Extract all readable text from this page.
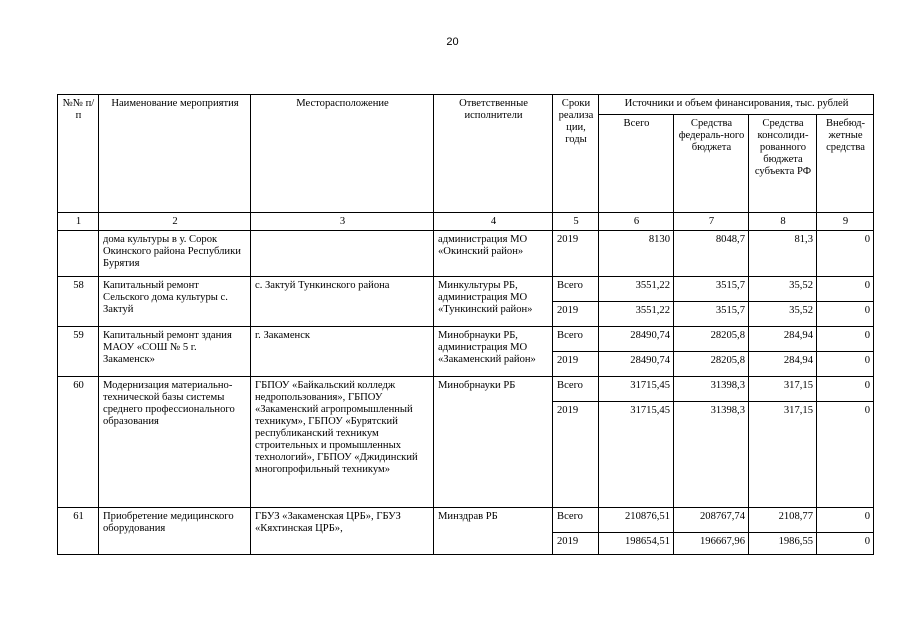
20
№№ п/п	Наименование мероприятия	Месторасположение	Ответственные исполнители	Сроки реализа ции, годы	Источники и объем финансирования, тыс. рублей			
					Всего	Средства федераль-ного бюджета	Средства консолиди-рованного бюджета субъекта РФ	Внебюд-жетные средства
1	2	3	4	5	6	7	8	9
	дома культуры в у. Сорок Окинского района Республики Бурятия		администрация МО «Окинский район»	2019	8130	8048,7	81,3	0
58	Капитальный ремонт Сельского дома культуры с. Зактуй	с. Зактуй Тункинского района	Минкультуры РБ, администрация МО «Тункинский район»	Всего	3551,22	3515,7	35,52	0
				2019	3551,22	3515,7	35,52	0
59	Капитальный ремонт здания МАОУ «СОШ № 5 г. Закаменск»	г. Закаменск	Минобрнауки РБ, администрация МО «Закаменский район»	Всего	28490,74	28205,8	284,94	0
				2019	28490,74	28205,8	284,94	0
60	Модернизация материально-технической базы системы среднего профессионального образования	ГБПОУ «Байкальский колледж недропользования», ГБПОУ «Закаменский агропромышленный техникум», ГБПОУ «Бурятский республиканский техникум строительных и промышленных технологий», ГБПОУ «Джидинский многопрофильный техникум»	Минобрнауки РБ	Всего	31715,45	31398,3	317,15	0
				2019	31715,45	31398,3	317,15	0
61	Приобретение медицинского оборудования	ГБУЗ «Закаменская ЦРБ», ГБУЗ «Кяхтинская ЦРБ»,	Минздрав РБ	Всего	210876,51	208767,74	2108,77	0
				2019	198654,51	196667,96	1986,55	0
